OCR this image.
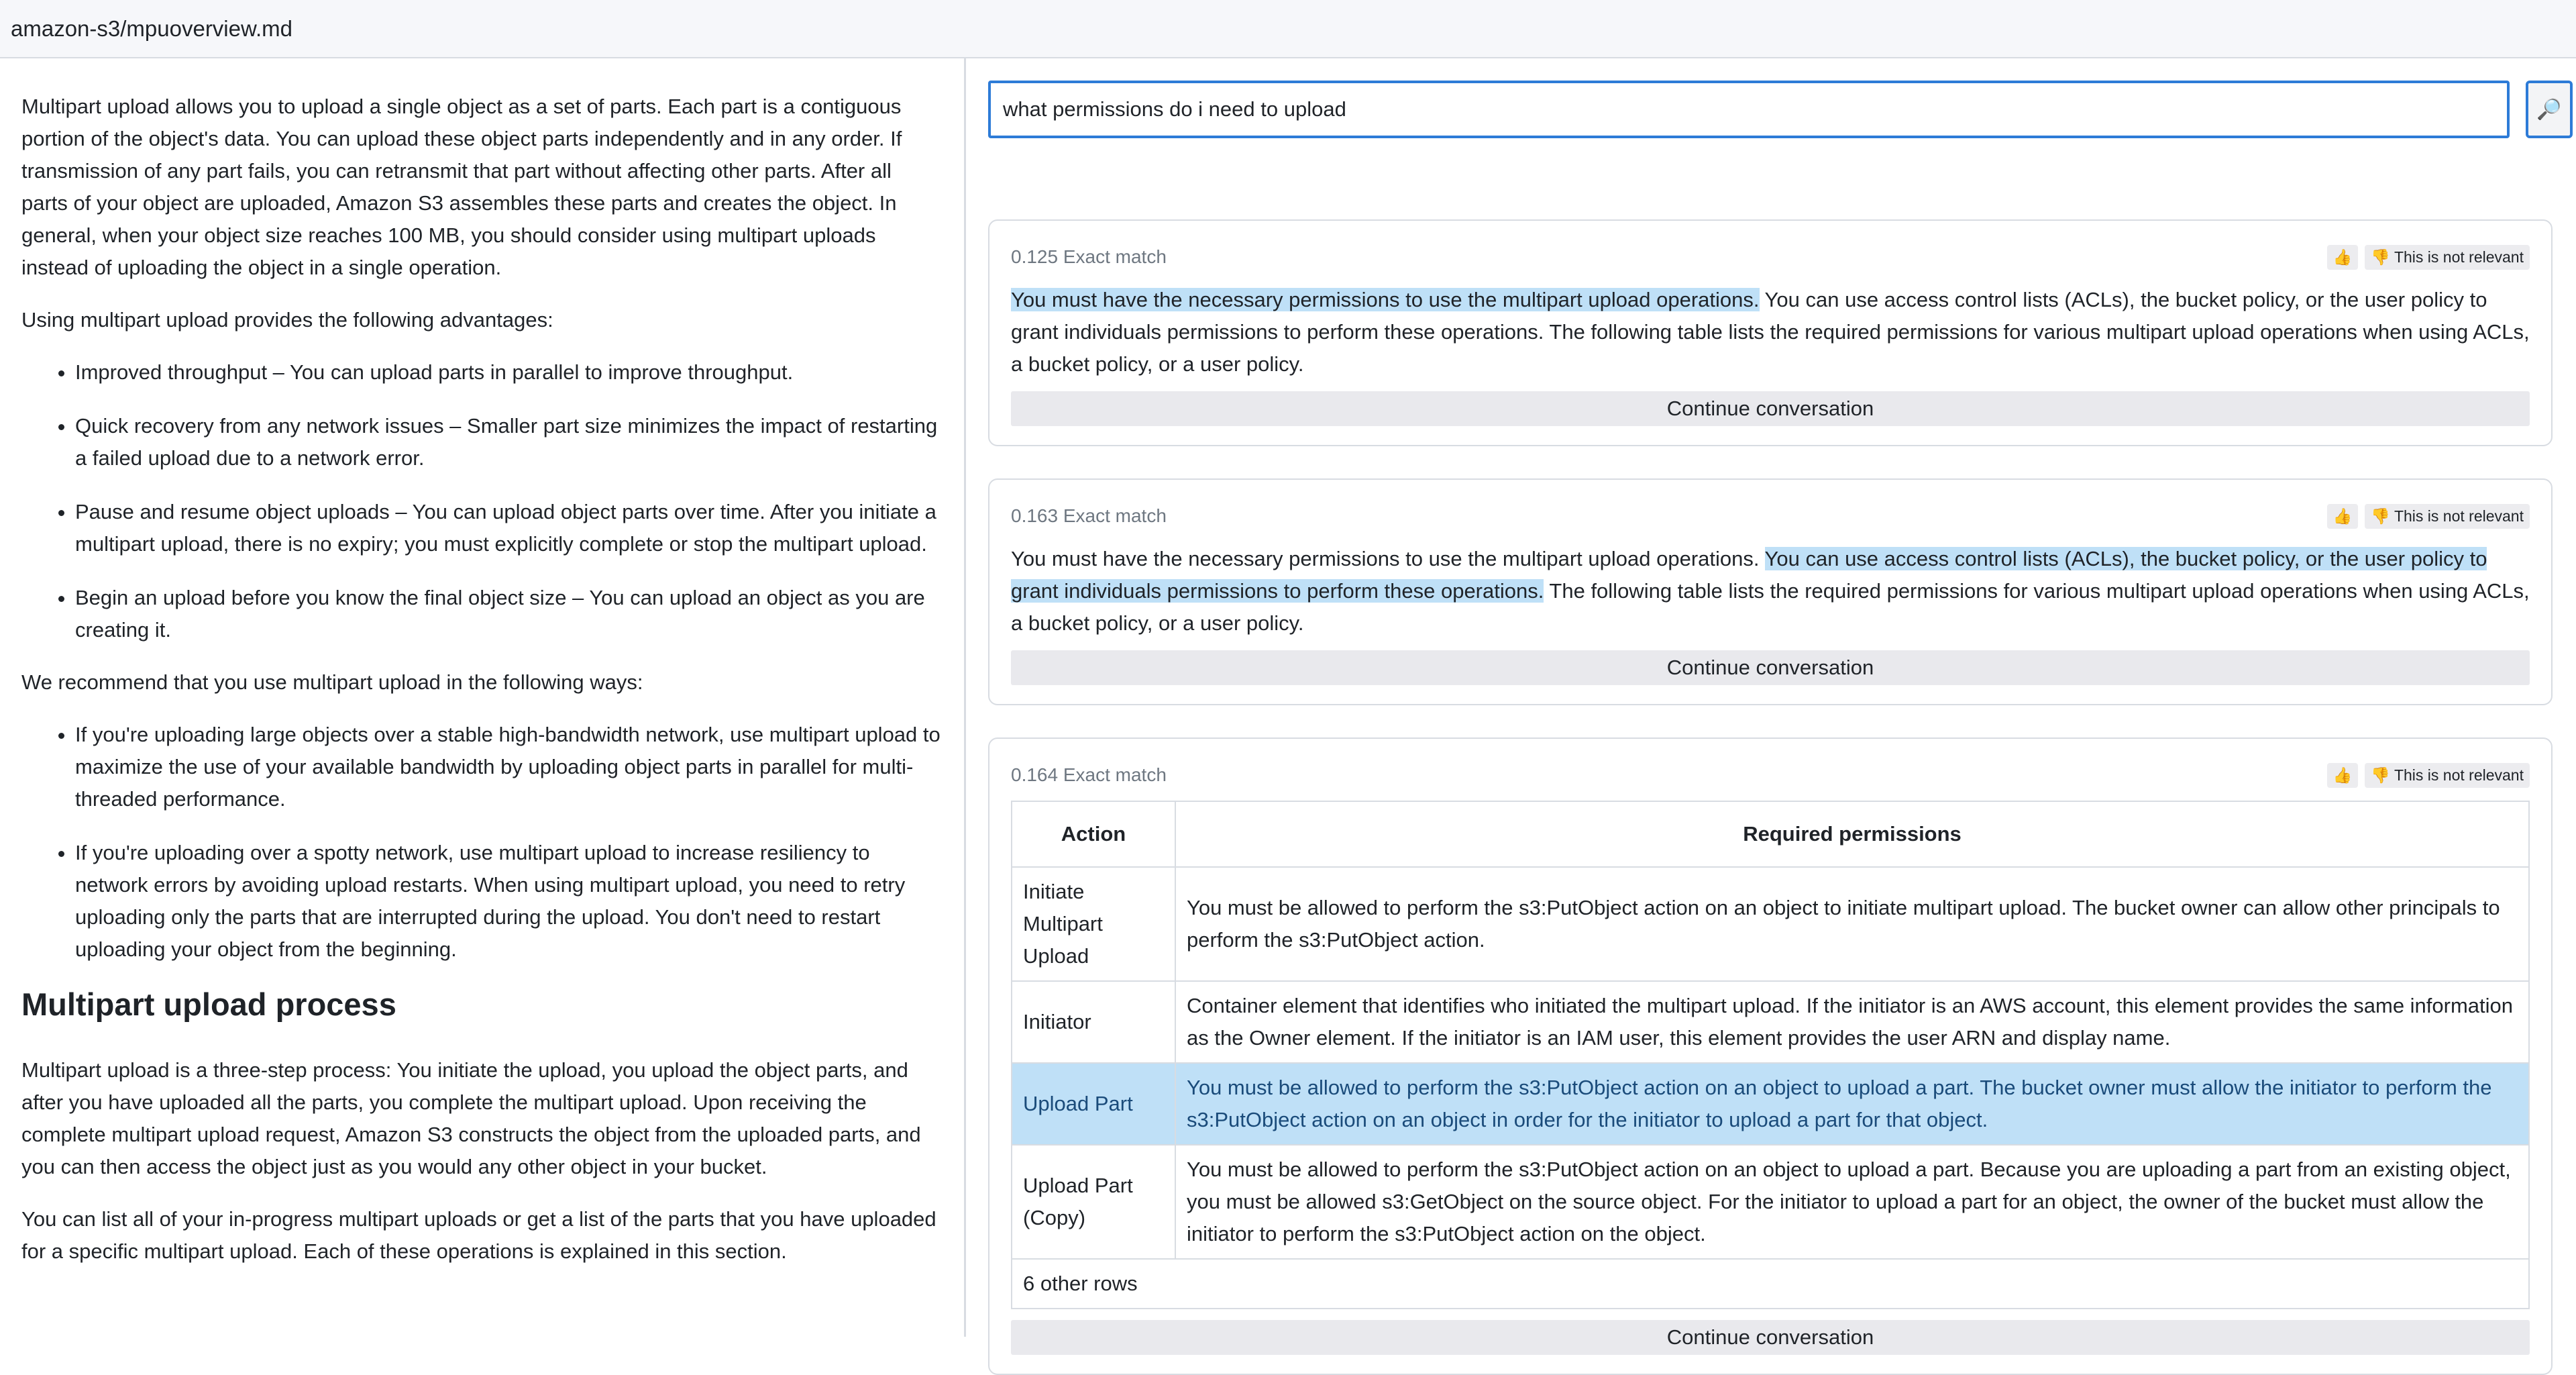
amazon-s3/mpuoverview.md

Multipart upload allows you to upload a single object as a set of parts. Each part is a contiguous portion of the object's data. You can upload these object parts independently and in any order. If transmission of any part fails, you can retransmit that part without affecting other parts. After all parts of your object are uploaded, Amazon S3 assembles these parts and creates the object. In general, when your object size reaches 100 MB, you should consider using multipart uploads instead of uploading the object in a single operation.

Using multipart upload provides the following advantages:

• Improved throughput – You can upload parts in parallel to improve throughput.
• Quick recovery from any network issues – Smaller part size minimizes the impact of restarting a failed upload due to a network error.
• Pause and resume object uploads – You can upload object parts over time. After you initiate a multipart upload, there is no expiry; you must explicitly complete or stop the multipart upload.
• Begin an upload before you know the final object size – You can upload an object as you are creating it.

We recommend that you use multipart upload in the following ways:

• If you're uploading large objects over a stable high-bandwidth network, use multipart upload to maximize the use of your available bandwidth by uploading object parts in parallel for multi-threaded performance.
• If you're uploading over a spotty network, use multipart upload to increase resiliency to network errors by avoiding upload restarts. When using multipart upload, you need to retry uploading only the parts that are interrupted during the upload. You don't need to restart uploading your object from the beginning.
Multipart upload process

Multipart upload is a three-step process: You initiate the upload, you upload the object parts, and after you have uploaded all the parts, you complete the multipart upload. Upon receiving the complete multipart upload request, Amazon S3 constructs the object from the uploaded parts, and you can then access the object just as you would any other object in your bucket.

You can list all of your in-progress multipart uploads or get a list of the parts that you have uploaded for a specific multipart upload. Each of these operations is explained in this section.

what permissions do i need to upload
🔎
0.125 Exact match	👍	👎 This is not relevant
You must have the necessary permissions to use the multipart upload operations. You can use access control lists (ACLs), the bucket policy, or the user policy to grant individuals permissions to perform these operations. The following table lists the required permissions for various multipart upload operations when using ACLs, a bucket policy, or a user policy.
Continue conversation
0.163 Exact match	👍	👎 This is not relevant
You must have the necessary permissions to use the multipart upload operations. You can use access control lists (ACLs), the bucket policy, or the user policy to grant individuals permissions to perform these operations. The following table lists the required permissions for various multipart upload operations when using ACLs, a bucket policy, or a user policy.
Continue conversation
0.164 Exact match	👍	👎 This is not relevant
Action	Required permissions
Initiate Multipart Upload	You must be allowed to perform the s3:PutObject action on an object to initiate multipart upload. The bucket owner can allow other principals to perform the s3:PutObject action.
Initiator	Container element that identifies who initiated the multipart upload. If the initiator is an AWS account, this element provides the same information as the Owner element. If the initiator is an IAM user, this element provides the user ARN and display name.
Upload Part	You must be allowed to perform the s3:PutObject action on an object to upload a part. The bucket owner must allow the initiator to perform the s3:PutObject action on an object in order for the initiator to upload a part for that object.
Upload Part (Copy)	You must be allowed to perform the s3:PutObject action on an object to upload a part. Because you are uploading a part from an existing object, you must be allowed s3:GetObject on the source object. For the initiator to upload a part for an object, the owner of the bucket must allow the initiator to perform the s3:PutObject action on the object.
6 other rows	
Continue conversation
